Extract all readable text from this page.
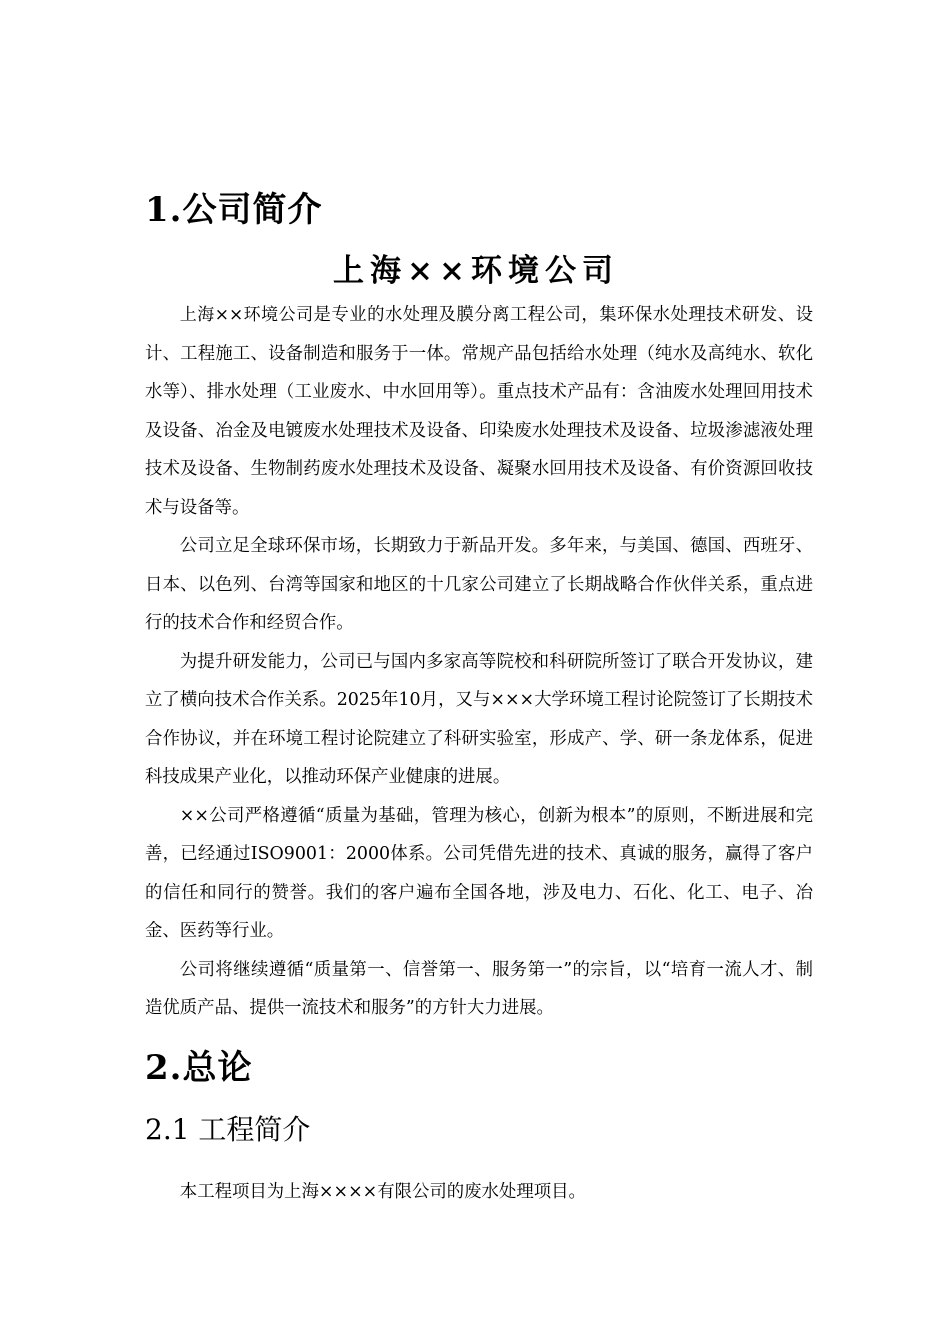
1.公司简介
上海××环境公司

上海××环境公司是专业的水处理及膜分离工程公司，集环保水处理技术研发、设计、工程施工、设备制造和服务于一体。常规产品包括给水处理（纯水及高纯水、软化水等）、排水处理（工业废水、中水回用等）。重点技术产品有：含油废水处理回用技术及设备、冶金及电镀废水处理技术及设备、印染废水处理技术及设备、垃圾渗滤液处理技术及设备、生物制药废水处理技术及设备、凝聚水回用技术及设备、有价资源回收技术与设备等。

公司立足全球环保市场，长期致力于新品开发。多年来，与美国、德国、西班牙、日本、以色列、台湾等国家和地区的十几家公司建立了长期战略合作伙伴关系，重点进行的技术合作和经贸合作。

为提升研发能力，公司已与国内多家高等院校和科研院所签订了联合开发协议，建立了横向技术合作关系。2025年10月，又与×××大学环境工程讨论院签订了长期技术合作协议，并在环境工程讨论院建立了科研实验室，形成产、学、研一条龙体系，促进科技成果产业化，以推动环保产业健康的进展。

××公司严格遵循“质量为基础，管理为核心，创新为根本”的原则，不断进展和完善，已经通过ISO9001：2000体系。公司凭借先进的技术、真诚的服务，赢得了客户的信任和同行的赞誉。我们的客户遍布全国各地，涉及电力、石化、化工、电子、冶金、医药等行业。

公司将继续遵循“质量第一、信誉第一、服务第一”的宗旨，以“培育一流人才、制造优质产品、提供一流技术和服务”的方针大力进展。

2.总论
2.1 工程简介

本工程项目为上海××××有限公司的废水处理项目。
